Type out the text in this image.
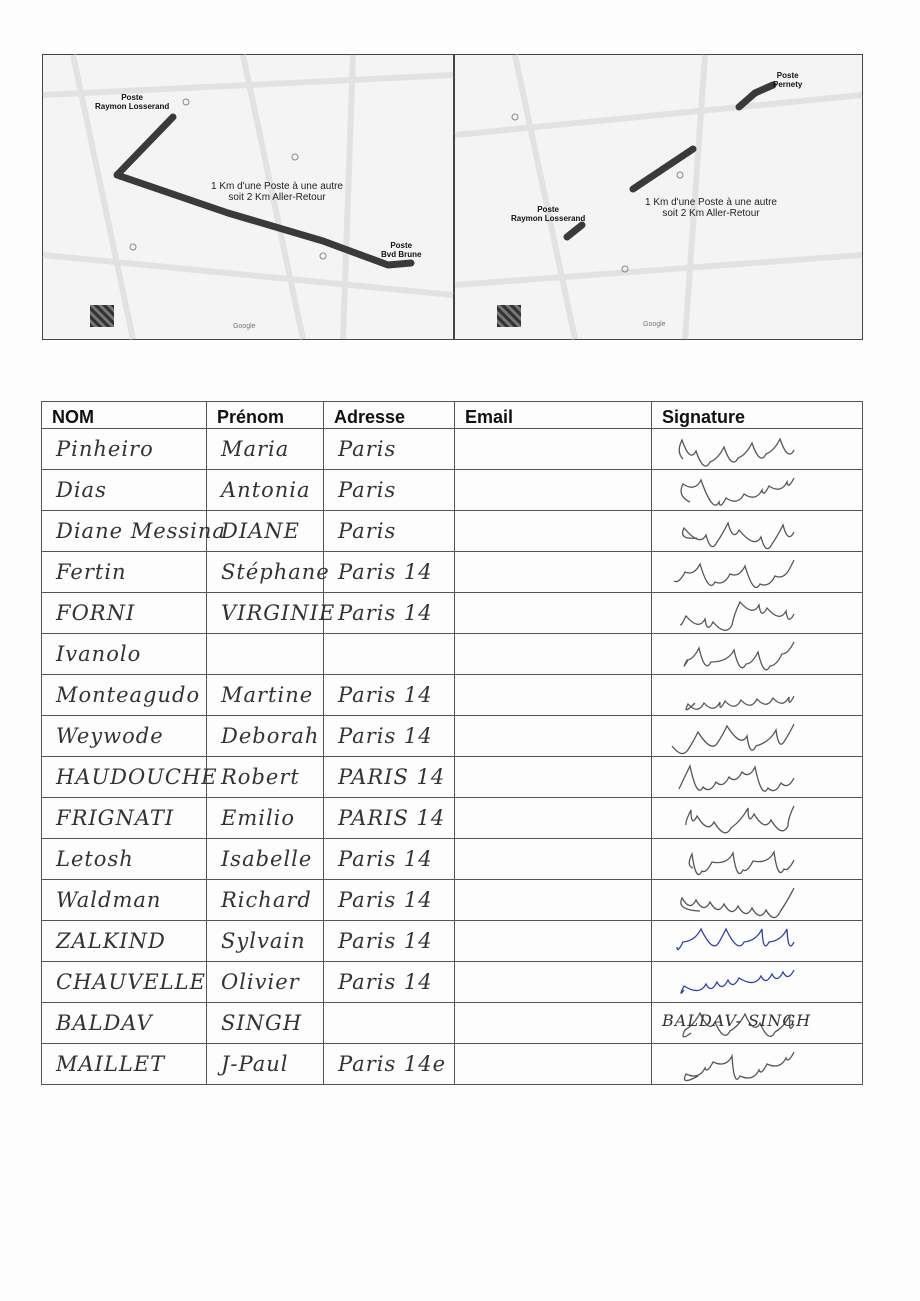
Poste
Raymon Losserand
Poste
Bvd Brune
1 Km d'une Poste à une autre
soit 2 Km Aller-Retour
Google
Poste
Raymon Losserand
Poste
Pernety
1 Km d'une Poste à une autre
soit 2 Km Aller-Retour
Google
NOM	Prénom	Adresse	Email	Signature
Pinheiro	Maria	Paris		

Dias	Antonia	Paris		

Diane Messina	DIANE	Paris		

Fertin	Stéphane	Paris 14		

FORNI	VIRGINIE	Paris 14		

Ivanolo				

Monteagudo	Martine	Paris 14		

Weywode	Deborah	Paris 14		

HAUDOUCHE	Robert	PARIS 14		

FRIGNATI	Emilio	PARIS 14		

Letosh	Isabelle	Paris 14		

Waldman	Richard	Paris 14		

ZALKIND	Sylvain	Paris 14		

CHAUVELLE	Olivier	Paris 14		

BALDAV	SINGH			BALDAV- SINGH

MAILLET	J-Paul	Paris 14e		
